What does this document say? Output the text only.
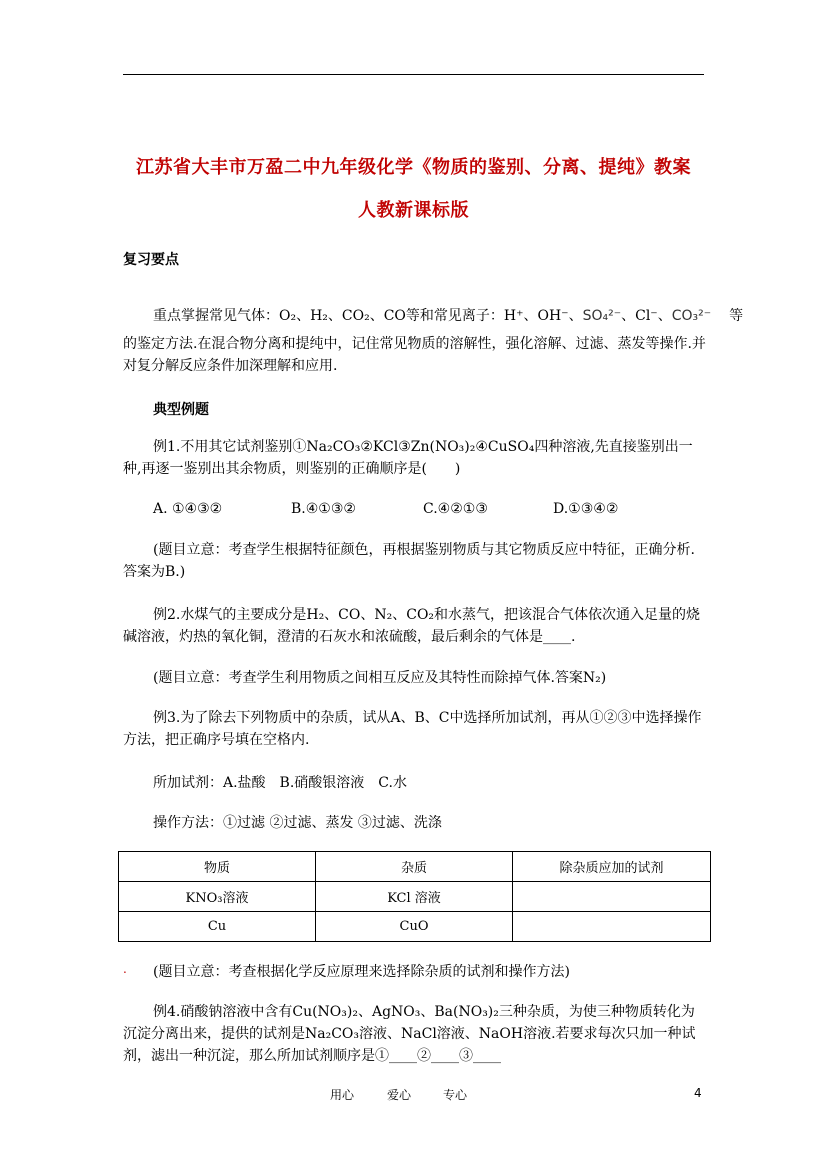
江苏省大丰市万盈二中九年级化学《物质的鉴别、分离、提纯》教案
人教新课标版
复习要点
重点掌握常见气体：O₂、H₂、CO₂、CO等和常见离子：H⁺、OH⁻、SO₄²⁻、Cl⁻、CO₃²⁻ 等
的鉴定方法.在混合物分离和提纯中，记住常见物质的溶解性，强化溶解、过滤、蒸发等操作.并对复分解反应条件加深理解和应用.
典型例题
例1.不用其它试剂鉴别①Na₂CO₃②KCl③Zn(NO₃)₂④CuSO₄四种溶液,先直接鉴别出一种,再逐一鉴别出其余物质，则鉴别的正确顺序是(　　)
A. ①④③②	B.④①③②	C.④②①③	D.①③④②
(题目立意：考查学生根据特征颜色，再根据鉴别物质与其它物质反应中特征，正确分析.答案为B.)
例2.水煤气的主要成分是H₂、CO、N₂、CO₂和水蒸气，把该混合气体依次通入足量的烧碱溶液，灼热的氧化铜，澄清的石灰水和浓硫酸，最后剩余的气体是____.
(题目立意：考查学生利用物质之间相互反应及其特性而除掉气体.答案N₂)
例3.为了除去下列物质中的杂质，试从A、B、C中选择所加试剂，再从①②③中选择操作方法，把正确序号填在空格内.
所加试剂：A.盐酸　B.硝酸银溶液　C.水
操作方法：①过滤 ②过滤、蒸发 ③过滤、洗涤
物质	杂质	除杂质应加的试剂
KNO₃溶液	KCl 溶液	
Cu	CuO	
. (题目立意：考查根据化学反应原理来选择除杂质的试剂和操作方法)
例4.硝酸钠溶液中含有Cu(NO₃)₂、AgNO₃、Ba(NO₃)₂三种杂质，为使三种物质转化为沉淀分离出来，提供的试剂是Na₂CO₃溶液、NaCl溶液、NaOH溶液.若要求每次只加一种试剂，滤出一种沉淀，那么所加试剂顺序是①____②____③____
用心	爱心	专心	4
